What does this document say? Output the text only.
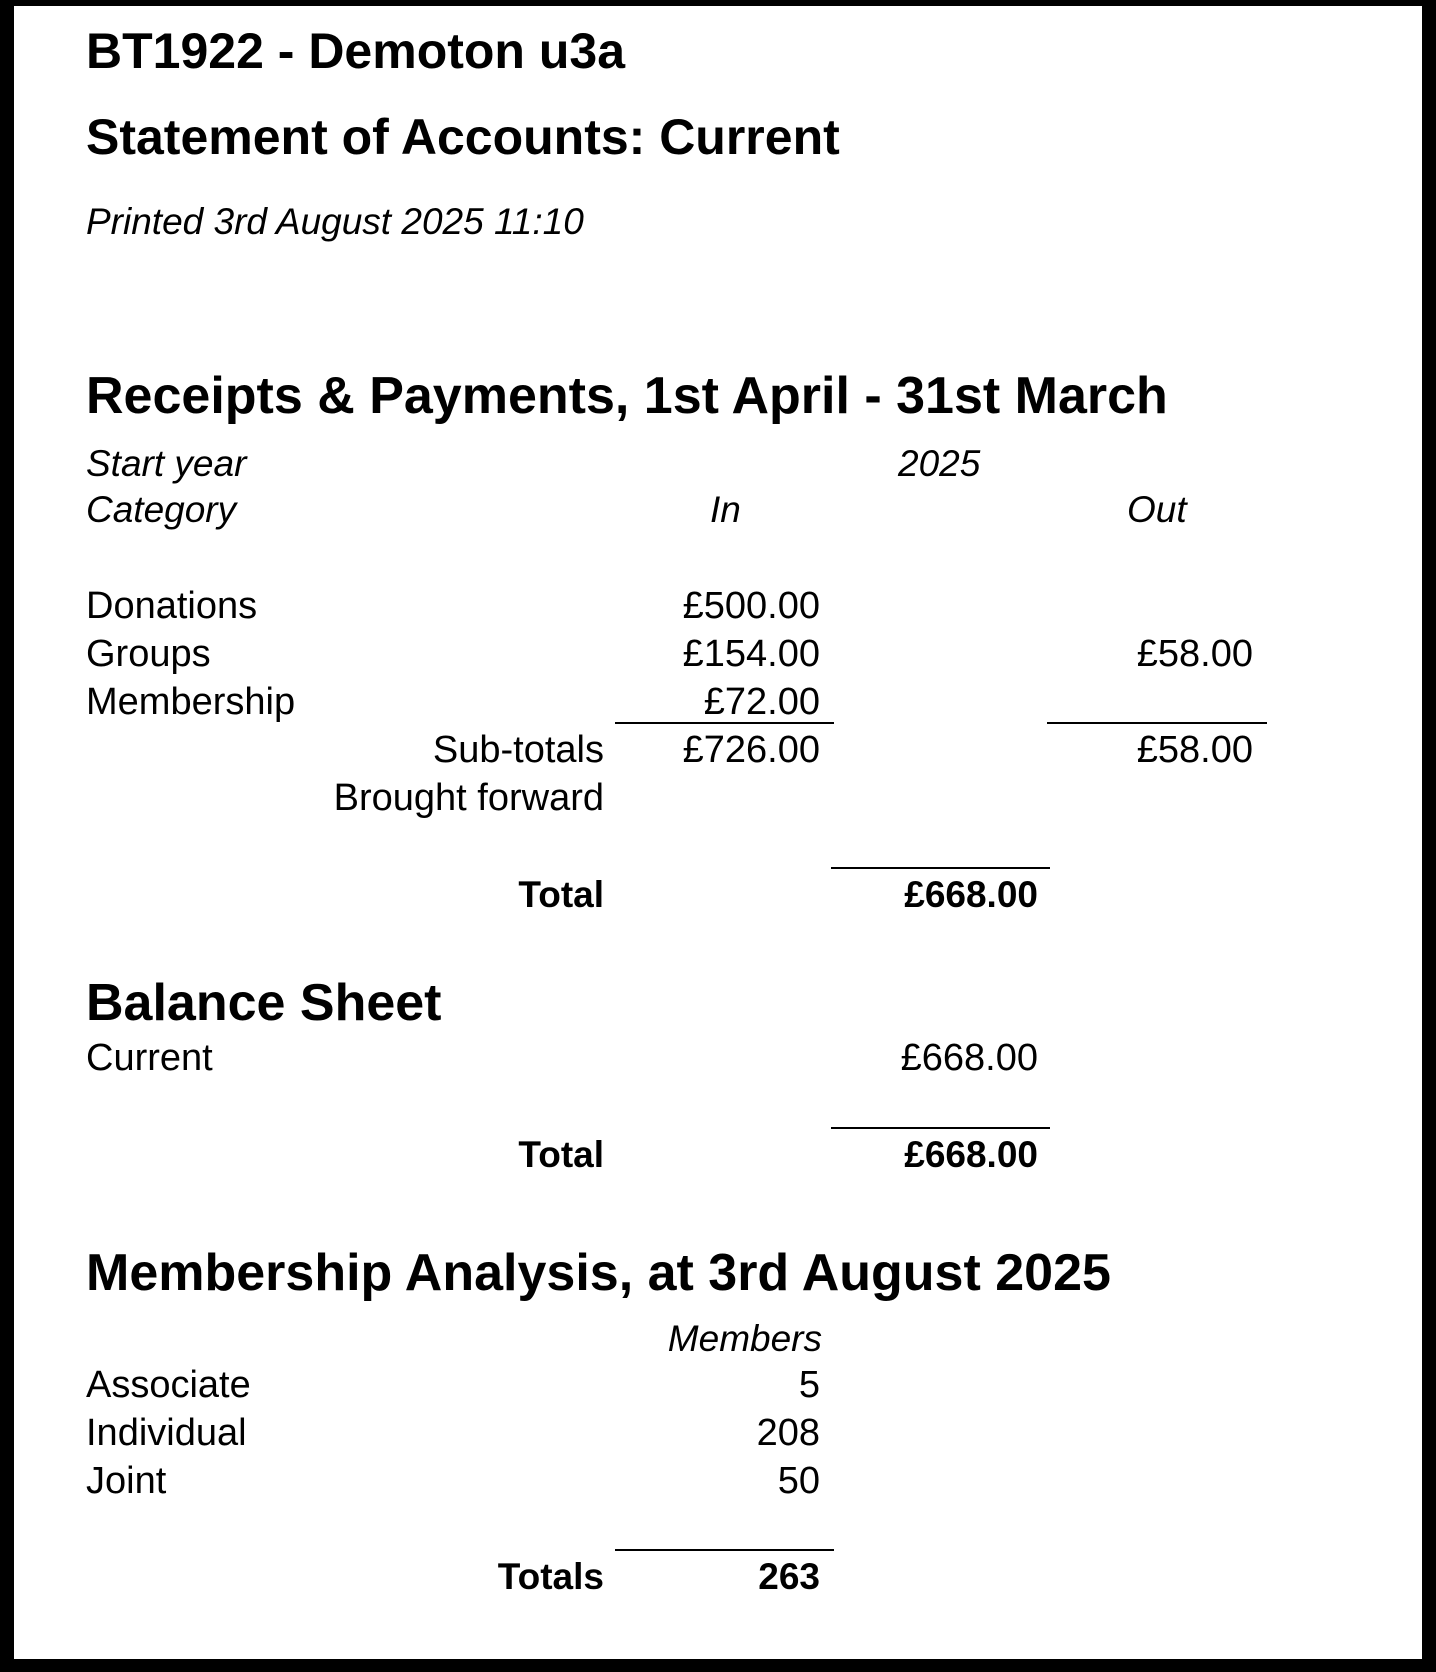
BT1922 - Demoton u3a
Statement of Accounts: Current
Printed 3rd August 2025 11:10
Receipts & Payments, 1st April - 31st March
Start year	2025
Category	In	Out
Donations	£500.00
Groups	£154.00	£58.00
Membership	£72.00
Sub-totals	£726.00	£58.00
Brought forward
Total	£668.00
Balance Sheet
Current	£668.00
Total	£668.00
Membership Analysis, at 3rd August 2025
Members
Associate	5
Individual	208
Joint	50
Totals	263
